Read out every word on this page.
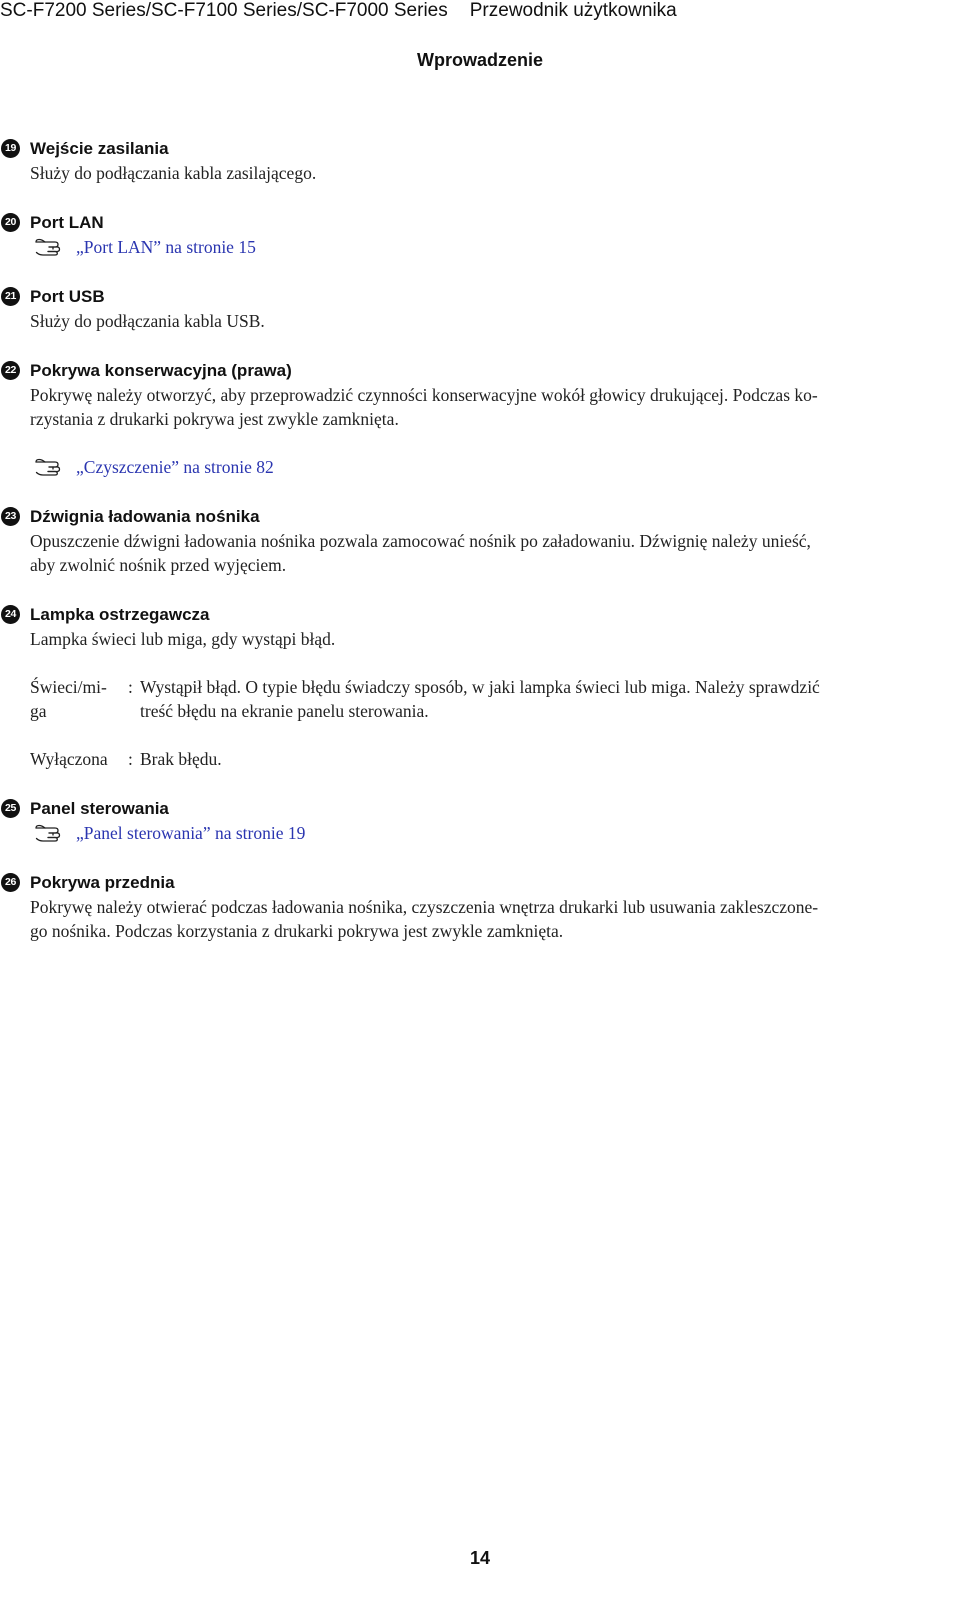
SC-F7200 Series/SC-F7100 Series/SC-F7000 Series Przewodnik użytkownika
Wprowadzenie
19 Wejście zasilania
Służy do podłączania kabla zasilającego.
20 Port LAN
„Port LAN” na stronie 15
21 Port USB
Służy do podłączania kabla USB.
22 Pokrywa konserwacyjna (prawa)
Pokrywę należy otworzyć, aby przeprowadzić czynności konserwacyjne wokół głowicy drukującej. Podczas ko-
rzystania z drukarki pokrywa jest zwykle zamknięta.
„Czyszczenie” na stronie 82
23 Dźwignia ładowania nośnika
Opuszczenie dźwigni ładowania nośnika pozwala zamocować nośnik po załadowaniu. Dźwignię należy unieść,
aby zwolnić nośnik przed wyjęciem.
24 Lampka ostrzegawcza
Lampka świeci lub miga, gdy wystąpi błąd.
Świeci/mi-
ga
: Wystąpił błąd. O typie błędu świadczy sposób, w jaki lampka świeci lub miga. Należy sprawdzić
treść błędu na ekranie panelu sterowania.
Wyłączona	: Brak błędu.
25 Panel sterowania
„Panel sterowania” na stronie 19
26 Pokrywa przednia
Pokrywę należy otwierać podczas ładowania nośnika, czyszczenia wnętrza drukarki lub usuwania zakleszczone-
go nośnika. Podczas korzystania z drukarki pokrywa jest zwykle zamknięta.
14
